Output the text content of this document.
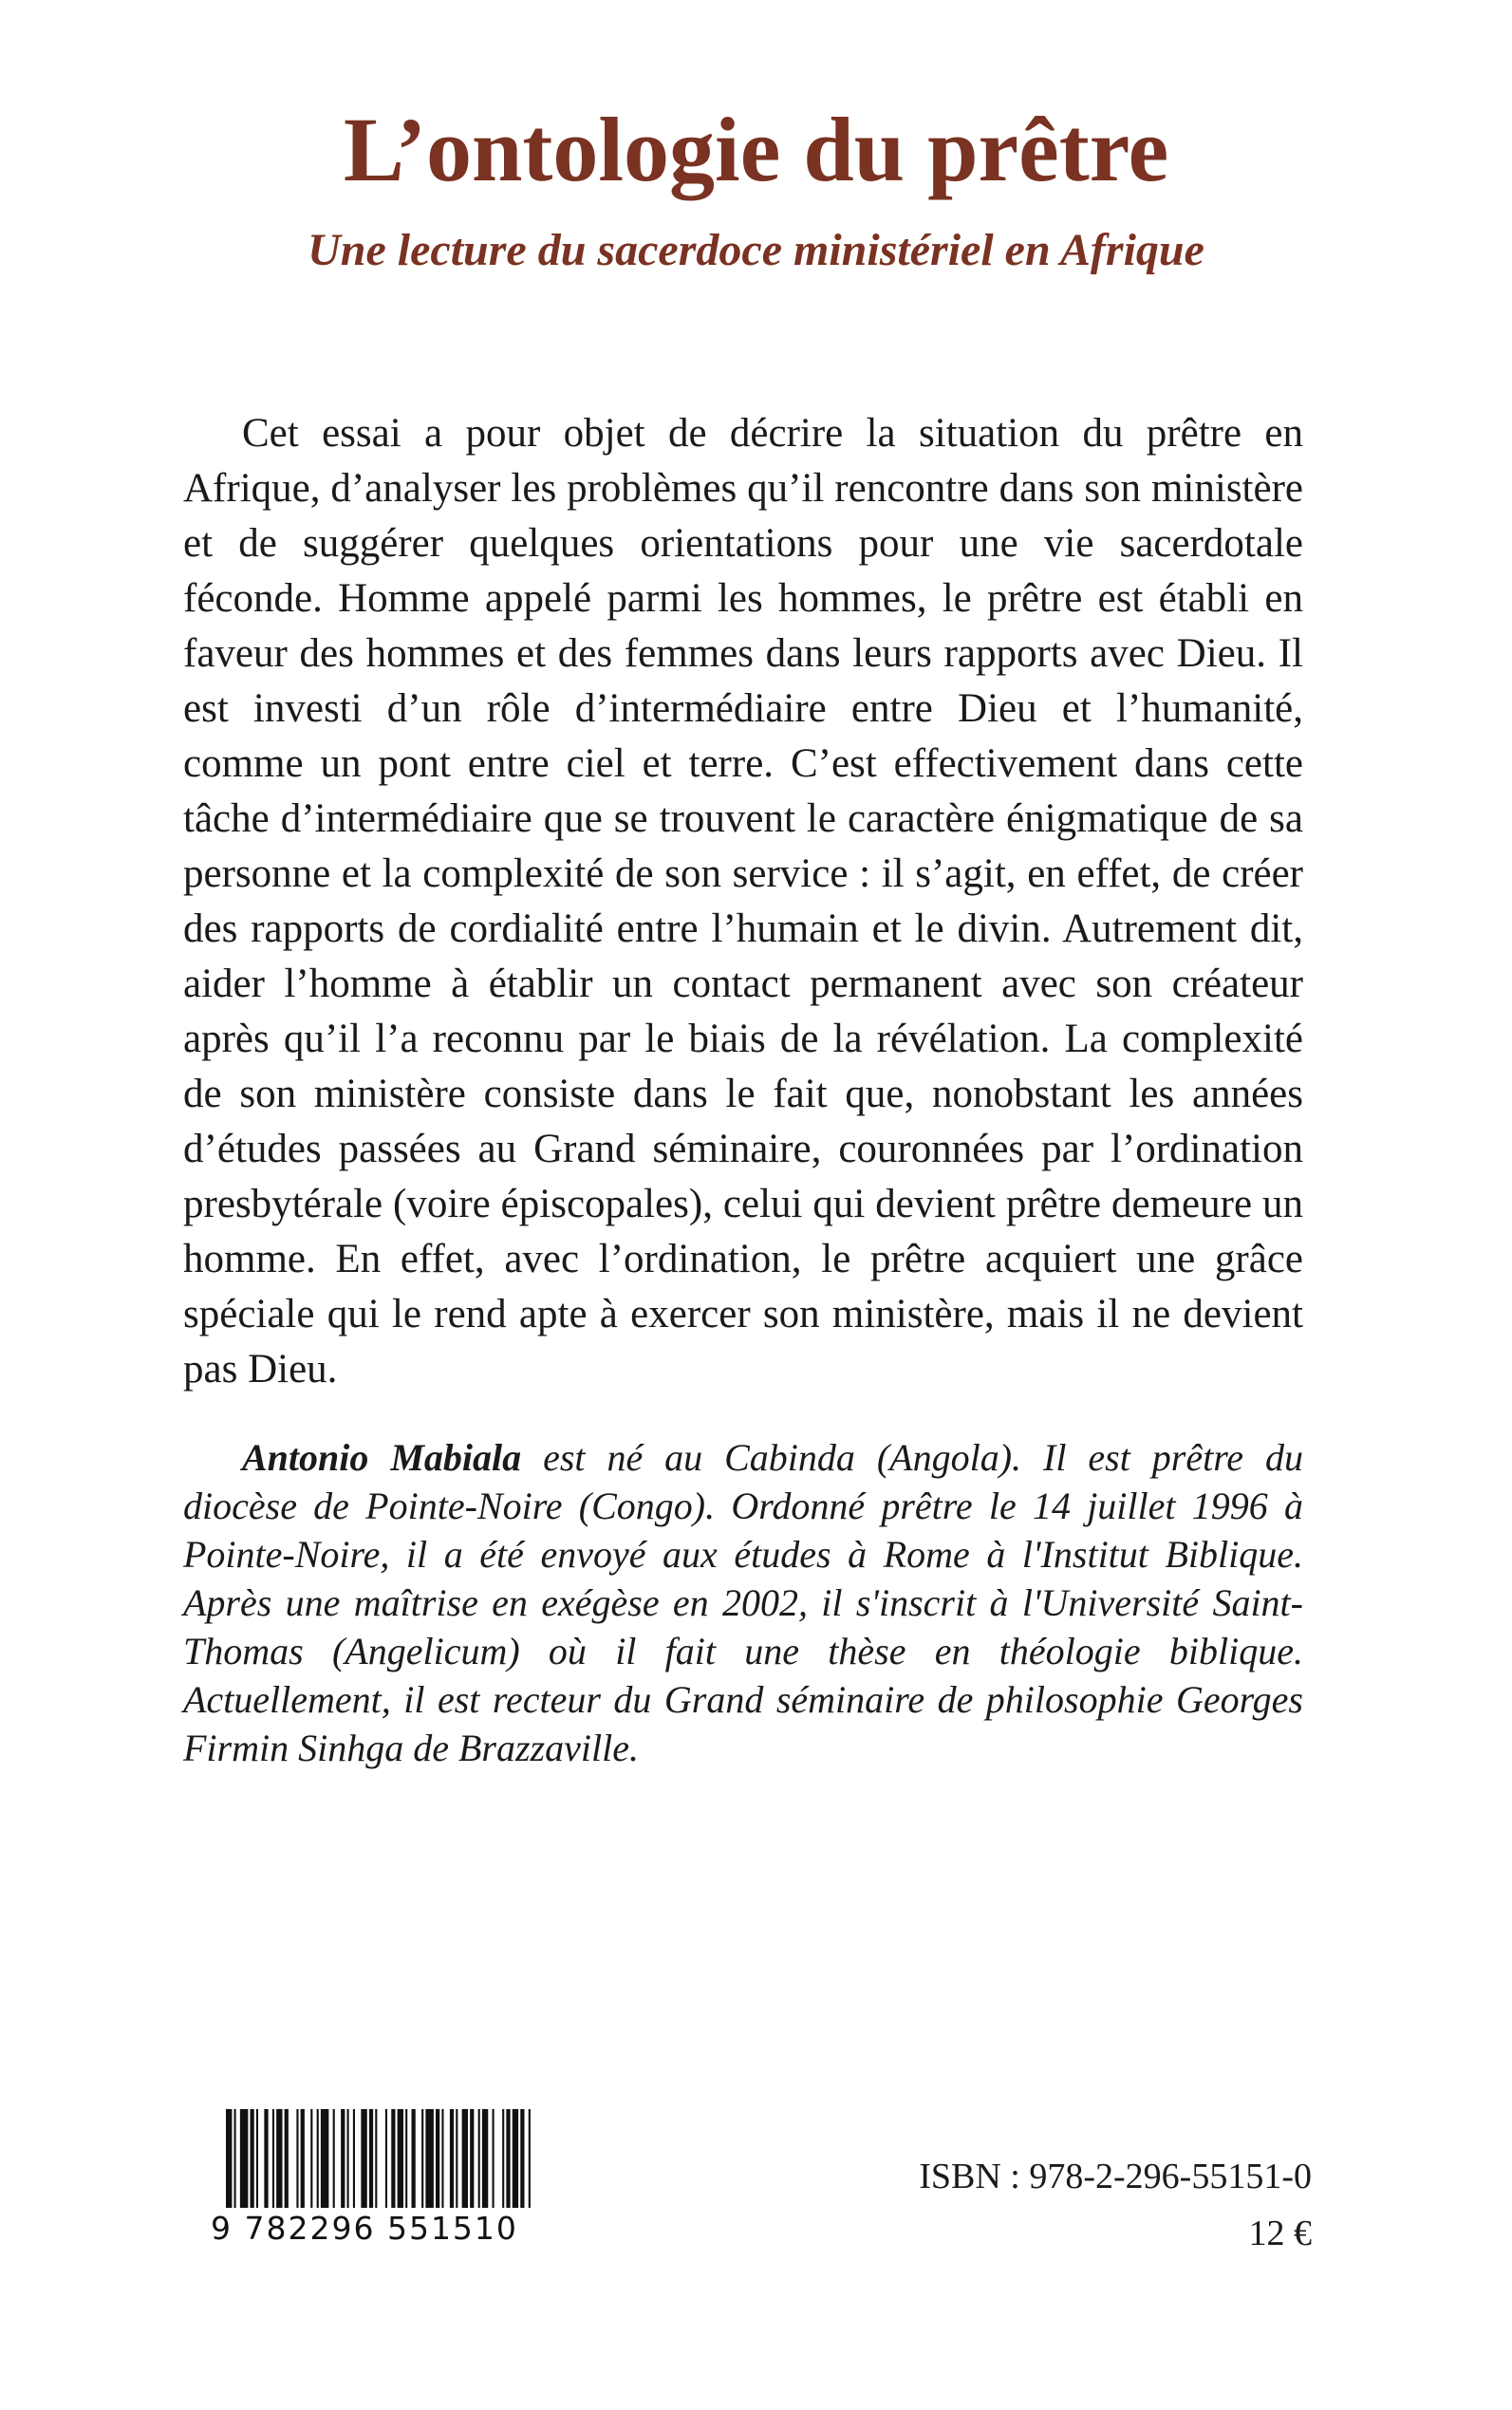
L’ontologie du prêtre
Une lecture du sacerdoce ministériel en Afrique

Cet essai a pour objet de décrire la situation du prêtre en Afrique, d’analyser les problèmes qu’il rencontre dans son ministère et de suggérer quelques orientations pour une vie sacerdotale féconde. Homme appelé parmi les hommes, le prêtre est établi en faveur des hommes et des femmes dans leurs rapports avec Dieu. Il est investi d’un rôle d’intermédiaire entre Dieu et l’humanité, comme un pont entre ciel et terre. C’est effectivement dans cette tâche d’intermédiaire que se trouvent le caractère énigmatique de sa personne et la complexité de son service : il s’agit, en effet, de créer des rapports de cordialité entre l’humain et le divin. Autrement dit, aider l’homme à établir un contact permanent avec son créateur après qu’il l’a reconnu par le biais de la révélation. La complexité de son ministère consiste dans le fait que, nonobstant les années d’études passées au Grand séminaire, couronnées par l’ordination presbytérale (voire épiscopales), celui qui devient prêtre demeure un homme. En effet, avec l’ordination, le prêtre acquiert une grâce spéciale qui le rend apte à exercer son ministère, mais il ne devient pas Dieu.

Antonio Mabiala est né au Cabinda (Angola). Il est prêtre du diocèse de Pointe-Noire (Congo). Ordonné prêtre le 14 juillet 1996 à Pointe-Noire, il a été envoyé aux études à Rome à l'Institut Biblique. Après une maîtrise en exégèse en 2002, il s'inscrit à l'Université Saint-Thomas (Angelicum) où il fait une thèse en théologie biblique. Actuellement, il est recteur du Grand séminaire de philosophie Georges Firmin Sinhga de Brazzaville.

9 782296 551510
ISBN : 978-2-296-55151-0
12 €
